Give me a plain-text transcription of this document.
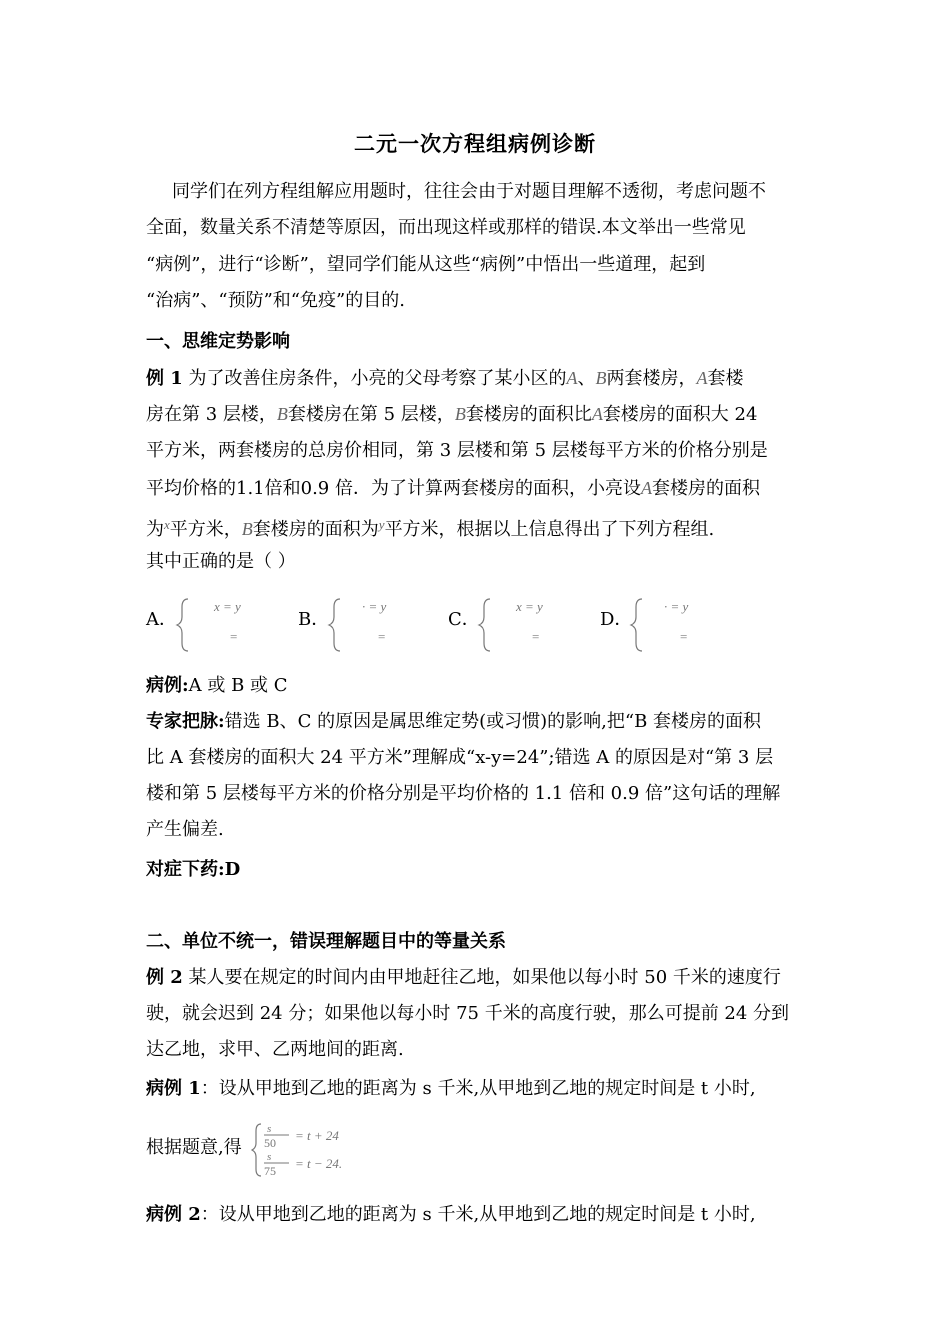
二元一次方程组病例诊断
同学们在列方程组解应用题时，往往会由于对题目理解不透彻，考虑问题不
全面，数量关系不清楚等原因，而出现这样或那样的错误.本文举出一些常见
“病例”，进行“诊断”，望同学们能从这些“病例”中悟出一些道理，起到
“治病”、“预防”和“免疫”的目的.
一、思维定势影响
例 1 为了改善住房条件，小亮的父母考察了某小区的A、B两套楼房，A套楼
房在第 3 层楼，B套楼房在第 5 层楼，B套楼房的面积比A套楼房的面积大 24
平方米，两套楼房的总房价相同，第 3 层楼和第 5 层楼每平方米的价格分别是
平均价格的1.1倍和0.9 倍．为了计算两套楼房的面积，小亮设A套楼房的面积
为$^x$平方米，B套楼房的面积为$^y$平方米，根据以上信息得出了下列方程组.
其中正确的是（ ）
A．
x = y
=
B．
· = y
=
C．
x = y
=
D．
· = y
=
病例:A 或 B 或 C
专家把脉:错选 B、C 的原因是属思维定势(或习惯)的影响,把“B 套楼房的面积
比 A 套楼房的面积大 24 平方米”理解成“x-y=24”;错选 A 的原因是对“第 3 层
楼和第 5 层楼每平方米的价格分别是平均价格的 1.1 倍和 0.9 倍”这句话的理解
产生偏差.
对症下药:D
二、单位不统一，错误理解题目中的等量关系
例 2 某人要在规定的时间内由甲地赶往乙地，如果他以每小时 50 千米的速度行
驶，就会迟到 24 分；如果他以每小时 75 千米的高度行驶，那么可提前 24 分到
达乙地，求甲、乙两地间的距离.
病例 1：设从甲地到乙地的距离为 s 千米,从甲地到乙地的规定时间是 t 小时,
根据题意,得
s
50 = t + 24
s
75 = t − 24.
病例 2：设从甲地到乙地的距离为 s 千米,从甲地到乙地的规定时间是 t 小时,
